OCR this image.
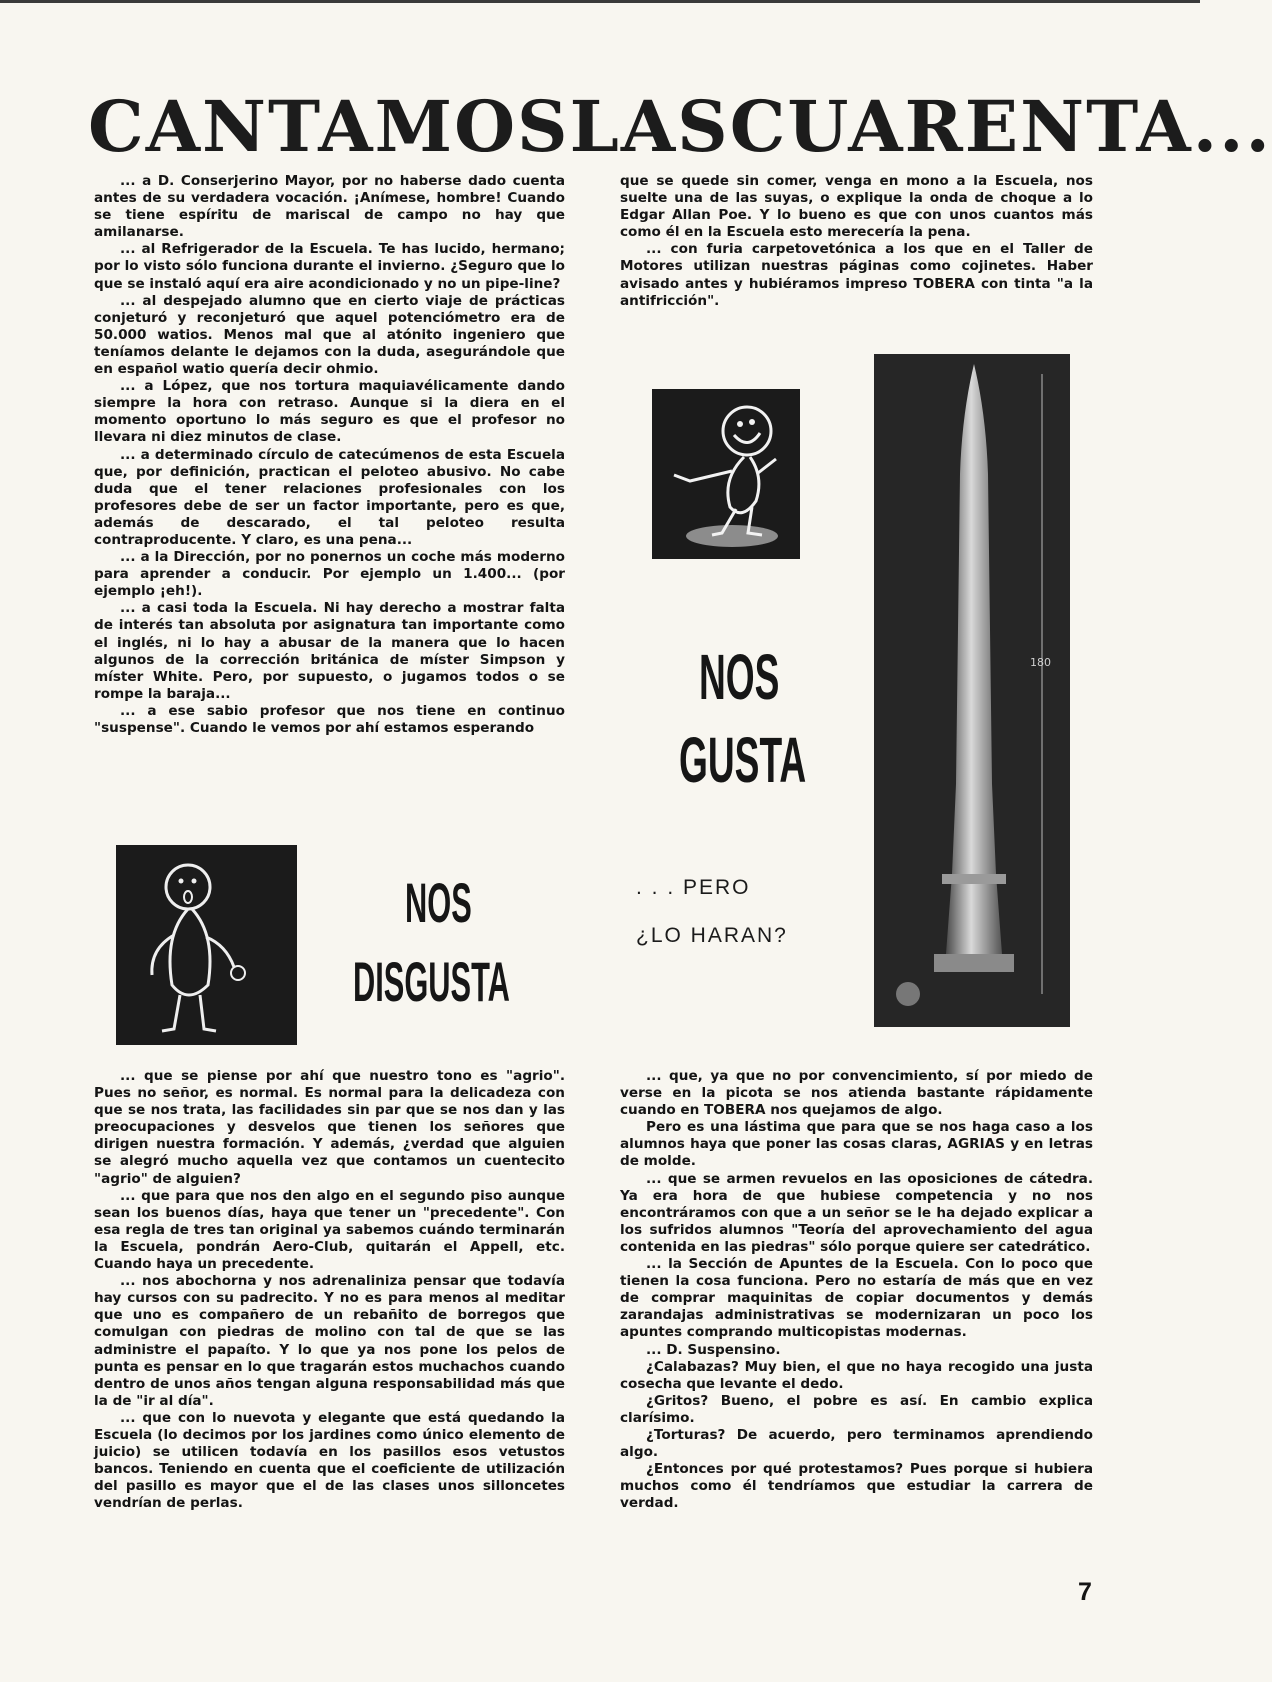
CANTAMOS LAS CUARENTA...

... a D. Conserjerino Mayor, por no haberse dado cuenta antes de su verdadera vocación. ¡Anímese, hombre! Cuando se tiene espíritu de mariscal de campo no hay que amilanarse.

... al Refrigerador de la Escuela. Te has lucido, hermano; por lo visto sólo funciona durante el invierno. ¿Seguro que lo que se instaló aquí era aire acondicionado y no un pipe-line?

... al despejado alumno que en cierto viaje de prácticas conjeturó y reconjeturó que aquel potenciómetro era de 50.000 watios. Menos mal que al atónito ingeniero que teníamos delante le dejamos con la duda, asegurándole que en español watio quería decir ohmio.

... a López, que nos tortura maquiavélicamente dando siempre la hora con retraso. Aunque si la diera en el momento oportuno lo más seguro es que el profesor no llevara ni diez minutos de clase.

... a determinado círculo de catecúmenos de esta Escuela que, por definición, practican el peloteo abusivo. No cabe duda que el tener relaciones profesionales con los profesores debe de ser un factor importante, pero es que, además de descarado, el tal peloteo resulta contraproducente. Y claro, es una pena...

... a la Dirección, por no ponernos un coche más moderno para aprender a conducir. Por ejemplo un 1.400... (por ejemplo ¡eh!).

... a casi toda la Escuela. Ni hay derecho a mostrar falta de interés tan absoluta por asignatura tan importante como el inglés, ni lo hay a abusar de la manera que lo hacen algunos de la corrección británica de míster Simpson y míster White. Pero, por supuesto, o jugamos todos o se rompe la baraja...

... a ese sabio profesor que nos tiene en continuo "suspense". Cuando le vemos por ahí estamos esperando

que se quede sin comer, venga en mono a la Escuela, nos suelte una de las suyas, o explique la onda de choque a lo Edgar Allan Poe. Y lo bueno es que con unos cuantos más como él en la Escuela esto merecería la pena.

... con furia carpetovetónica a los que en el Taller de Motores utilizan nuestras páginas como cojinetes. Haber avisado antes y hubiéramos impreso TOBERA con tinta "a la antifricción".

NOS
GUSTA
180
NOS
DISGUSTA
. . . PERO
¿LO HARAN?

... que se piense por ahí que nuestro tono es "agrio". Pues no señor, es normal. Es normal para la delicadeza con que se nos trata, las facilidades sin par que se nos dan y las preocupaciones y desvelos que tienen los señores que dirigen nuestra formación. Y además, ¿verdad que alguien se alegró mucho aquella vez que contamos un cuentecito "agrio" de alguien?

... que para que nos den algo en el segundo piso aunque sean los buenos días, haya que tener un "precedente". Con esa regla de tres tan original ya sabemos cuándo terminarán la Escuela, pondrán Aero-Club, quitarán el Appell, etc. Cuando haya un precedente.

... nos abochorna y nos adrenaliniza pensar que todavía hay cursos con su padrecito. Y no es para menos al meditar que uno es compañero de un rebañito de borregos que comulgan con piedras de molino con tal de que se las administre el papaíto. Y lo que ya nos pone los pelos de punta es pensar en lo que tragarán estos muchachos cuando dentro de unos años tengan alguna responsabilidad más que la de "ir al día".

... que con lo nuevota y elegante que está quedando la Escuela (lo decimos por los jardines como único elemento de juicio) se utilicen todavía en los pasillos esos vetustos bancos. Teniendo en cuenta que el coeficiente de utilización del pasillo es mayor que el de las clases unos silloncetes vendrían de perlas.

... que, ya que no por convencimiento, sí por miedo de verse en la picota se nos atienda bastante rápidamente cuando en TOBERA nos quejamos de algo.

Pero es una lástima que para que se nos haga caso a los alumnos haya que poner las cosas claras, AGRIAS y en letras de molde.

... que se armen revuelos en las oposiciones de cátedra. Ya era hora de que hubiese competencia y no nos encontráramos con que a un señor se le ha dejado explicar a los sufridos alumnos "Teoría del aprovechamiento del agua contenida en las piedras" sólo porque quiere ser catedrático.

... la Sección de Apuntes de la Escuela. Con lo poco que tienen la cosa funciona. Pero no estaría de más que en vez de comprar maquinitas de copiar documentos y demás zarandajas administrativas se modernizaran un poco los apuntes comprando multicopistas modernas.

... D. Suspensino.

¿Calabazas? Muy bien, el que no haya recogido una justa cosecha que levante el dedo.

¿Gritos? Bueno, el pobre es así. En cambio explica clarísimo.

¿Torturas? De acuerdo, pero terminamos aprendiendo algo.

¿Entonces por qué protestamos? Pues porque si hubiera muchos como él tendríamos que estudiar la carrera de verdad.

7
